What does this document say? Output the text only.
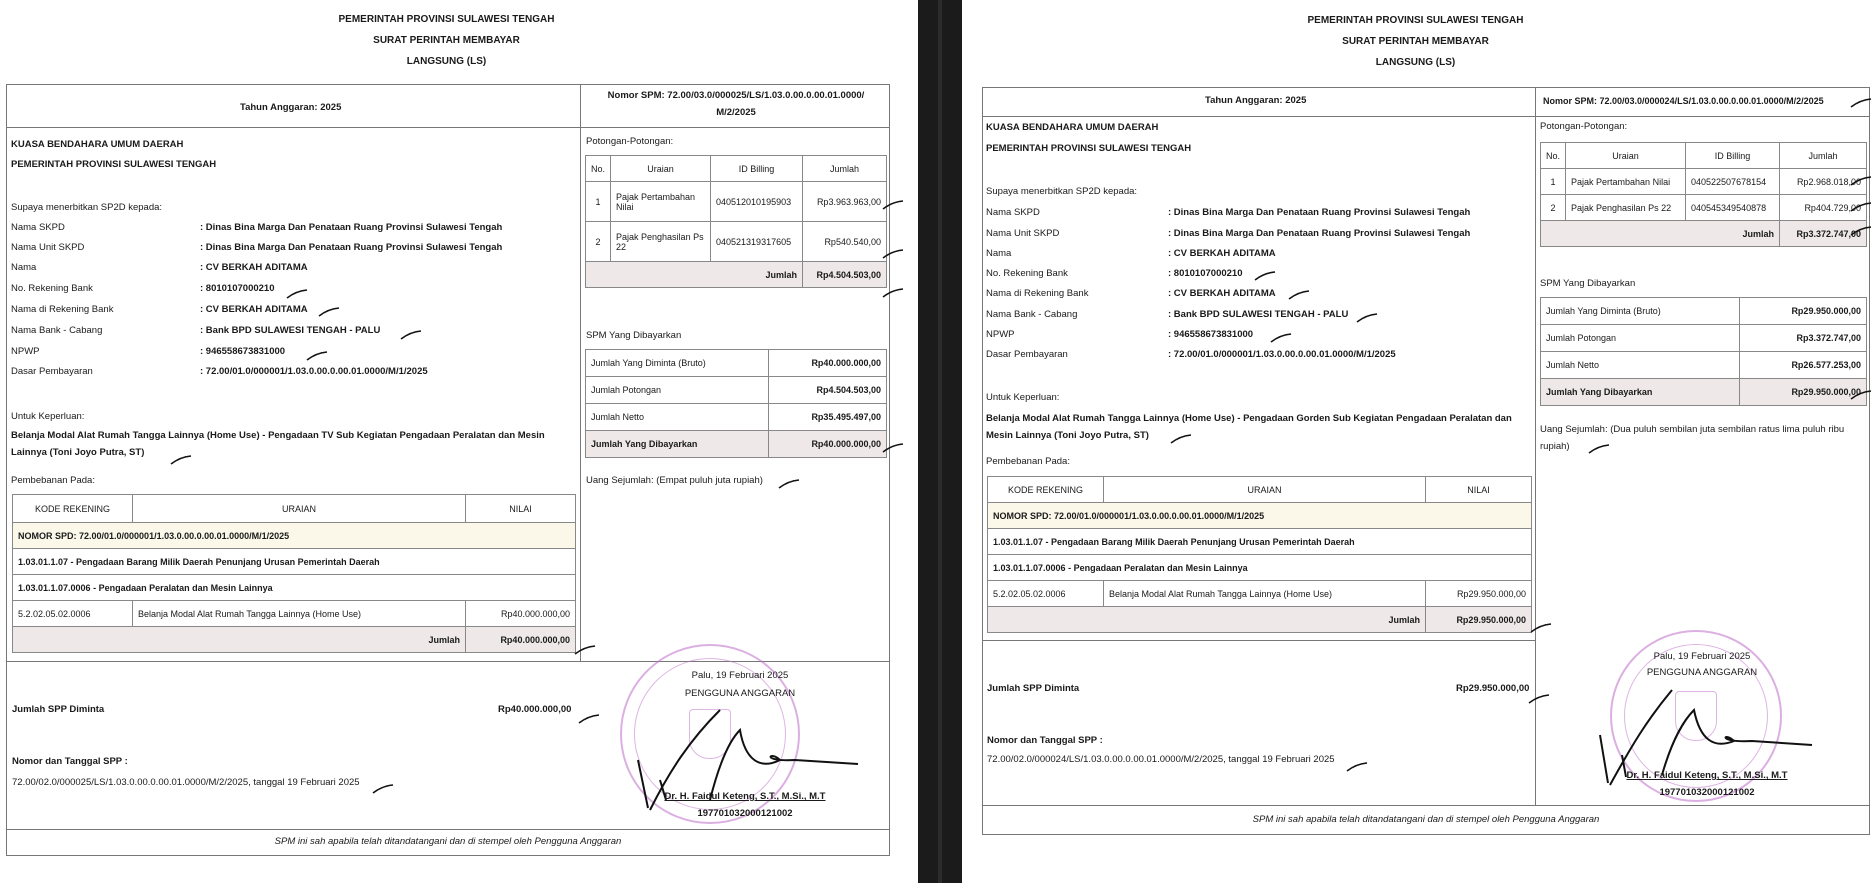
PEMERINTAH PROVINSI SULAWESI TENGAH
SURAT PERINTAH MEMBAYAR
LANGSUNG (LS)
Tahun Anggaran: 2025
Nomor SPM: 72.00/03.0/000025/LS/1.03.0.00.0.00.01.0000/
M/2/2025
KUASA BENDAHARA UMUM DAERAH
PEMERINTAH PROVINSI SULAWESI TENGAH
Supaya menerbitkan SP2D kepada:
Nama SKPD	: Dinas Bina Marga Dan Penataan Ruang Provinsi Sulawesi Tengah
Nama Unit SKPD	: Dinas Bina Marga Dan Penataan Ruang Provinsi Sulawesi Tengah
Nama	: CV BERKAH ADITAMA
No. Rekening Bank	: 8010107000210
Nama di Rekening Bank	: CV BERKAH ADITAMA
Nama Bank - Cabang	: Bank BPD SULAWESI TENGAH - PALU
NPWP	: 946558673831000
Dasar Pembayaran	: 72.00/01.0/000001/1.03.0.00.0.00.01.0000/M/1/2025
Untuk Keperluan:
Belanja Modal Alat Rumah Tangga Lainnya (Home Use) - Pengadaan TV Sub Kegiatan Pengadaan Peralatan dan Mesin Lainnya (Toni Joyo Putra, ST)
Pembebanan Pada:
KODE REKENING	URAIAN	NILAI
NOMOR SPD: 72.00/01.0/000001/1.03.0.00.0.00.01.0000/M/1/2025		
1.03.01.1.07 - Pengadaan Barang Milik Daerah Penunjang Urusan Pemerintah Daerah		
1.03.01.1.07.0006 - Pengadaan Peralatan dan Mesin Lainnya		
5.2.02.05.02.0006	Belanja Modal Alat Rumah Tangga Lainnya (Home Use)	Rp40.000.000,00
Jumlah		Rp40.000.000,00
Potongan-Potongan:
No.	Uraian	ID Billing	Jumlah
1	Pajak Pertambahan Nilai	040512010195903	Rp3.963.963,00
2	Pajak Penghasilan Ps 22	040521319317605	Rp540.540,00
Jumlah			Rp4.504.503,00
SPM Yang Dibayarkan
Jumlah Yang Diminta (Bruto)	Rp40.000.000,00
Jumlah Potongan	Rp4.504.503,00
Jumlah Netto	Rp35.495.497,00
Jumlah Yang Dibayarkan	Rp40.000.000,00
Uang Sejumlah: (Empat puluh juta rupiah)
Jumlah SPP Diminta	Rp40.000.000,00
Nomor dan Tanggal SPP :
72.00/02.0/000025/LS/1.03.0.00.0.00.01.0000/M/2/2025, tanggal 19 Februari 2025
Palu, 19 Februari 2025
PENGGUNA ANGGARAN
Dr. H. Faidul Keteng, S.T., M.Si., M.T
197701032000121002
SPM ini sah apabila telah ditandatangani dan di stempel oleh Pengguna Anggaran
PEMERINTAH PROVINSI SULAWESI TENGAH
SURAT PERINTAH MEMBAYAR
LANGSUNG (LS)
Tahun Anggaran: 2025	Nomor SPM: 72.00/03.0/000024/LS/1.03.0.00.0.00.01.0000/M/2/2025
KUASA BENDAHARA UMUM DAERAH
PEMERINTAH PROVINSI SULAWESI TENGAH
Supaya menerbitkan SP2D kepada:
Nama SKPD	: Dinas Bina Marga Dan Penataan Ruang Provinsi Sulawesi Tengah
Nama Unit SKPD	: Dinas Bina Marga Dan Penataan Ruang Provinsi Sulawesi Tengah
Nama	: CV BERKAH ADITAMA
No. Rekening Bank	: 8010107000210
Nama di Rekening Bank	: CV BERKAH ADITAMA
Nama Bank - Cabang	: Bank BPD SULAWESI TENGAH - PALU
NPWP	: 946558673831000
Dasar Pembayaran	: 72.00/01.0/000001/1.03.0.00.0.00.01.0000/M/1/2025
Untuk Keperluan:
Belanja Modal Alat Rumah Tangga Lainnya (Home Use) - Pengadaan Gorden Sub Kegiatan Pengadaan Peralatan dan Mesin Lainnya (Toni Joyo Putra, ST)
Pembebanan Pada:
KODE REKENING	URAIAN	NILAI
NOMOR SPD: 72.00/01.0/000001/1.03.0.00.0.00.01.0000/M/1/2025		
1.03.01.1.07 - Pengadaan Barang Milik Daerah Penunjang Urusan Pemerintah Daerah		
1.03.01.1.07.0006 - Pengadaan Peralatan dan Mesin Lainnya		
5.2.02.05.02.0006	Belanja Modal Alat Rumah Tangga Lainnya (Home Use)	Rp29.950.000,00
Jumlah		Rp29.950.000,00
Potongan-Potongan:
No.	Uraian	ID Billing	Jumlah
1	Pajak Pertambahan Nilai	040522507678154	Rp2.968.018,00
2	Pajak Penghasilan Ps 22	040545349540878	Rp404.729,00
Jumlah			Rp3.372.747,00
SPM Yang Dibayarkan
Jumlah Yang Diminta (Bruto)	Rp29.950.000,00
Jumlah Potongan	Rp3.372.747,00
Jumlah Netto	Rp26.577.253,00
Jumlah Yang Dibayarkan	Rp29.950.000,00
Uang Sejumlah: (Dua puluh sembilan juta sembilan ratus lima puluh ribu rupiah)
Jumlah SPP Diminta	Rp29.950.000,00
Nomor dan Tanggal SPP :
72.00/02.0/000024/LS/1.03.0.00.0.00.01.0000/M/2/2025, tanggal 19 Februari 2025
Palu, 19 Februari 2025
PENGGUNA ANGGARAN
Dr. H. Faidul Keteng, S.T., M.Si., M.T
197701032000121002
SPM ini sah apabila telah ditandatangani dan di stempel oleh Pengguna Anggaran
